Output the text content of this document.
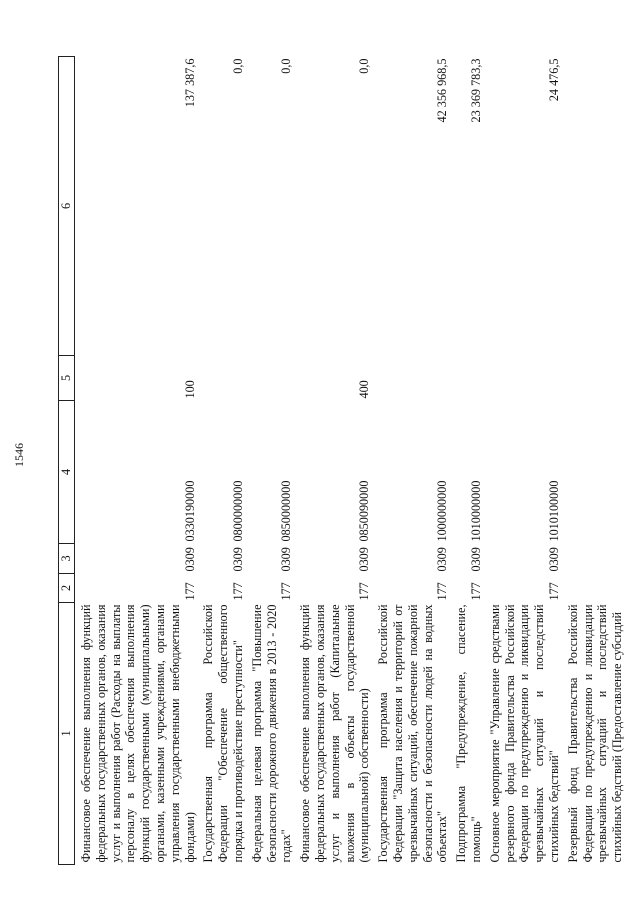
1546
1	2	3	4	5	6
Финансовое обеспечение выполнения функций федеральных государственных органов, оказания услуг и выполнения работ (Расходы на выплаты персоналу в целях обеспечения выполнения функций государственными (муниципальными) органами, казенными учреждениями, органами управления государственными внебюджетными фондами)	177	0309	0330190000	100	137 387,6
Государственная программа Российской Федерации "Обеспечение общественного порядка и противодействие преступности"	177	0309	0800000000		0,0
Федеральная целевая программа "Повышение безопасности дорожного движения в 2013 - 2020 годах"	177	0309	0850000000		0,0
Финансовое обеспечение выполнения функций федеральных государственных органов, оказания услуг и выполнения работ (Капитальные вложения в объекты государственной (муниципальной) собственности)	177	0309	0850090000	400	0,0
Государственная программа Российской Федерации "Защита населения и территорий от чрезвычайных ситуаций, обеспечение пожарной безопасности и безопасности людей на водных объектах"	177	0309	1000000000		42 356 968,5
Подпрограмма "Предупреждение, спасение, помощь"	177	0309	1010000000		23 369 783,3
Основное мероприятие "Управление средствами резервного фонда Правительства Российской Федерации по предупреждению и ликвидации чрезвычайных ситуаций и последствий стихийных бедствий"	177	0309	1010100000		24 476,5
Резервный фонд Правительства Российской Федерации по предупреждению и ликвидации чрезвычайных ситуаций и последствий стихийных бедствий (Предоставление субсидий					
